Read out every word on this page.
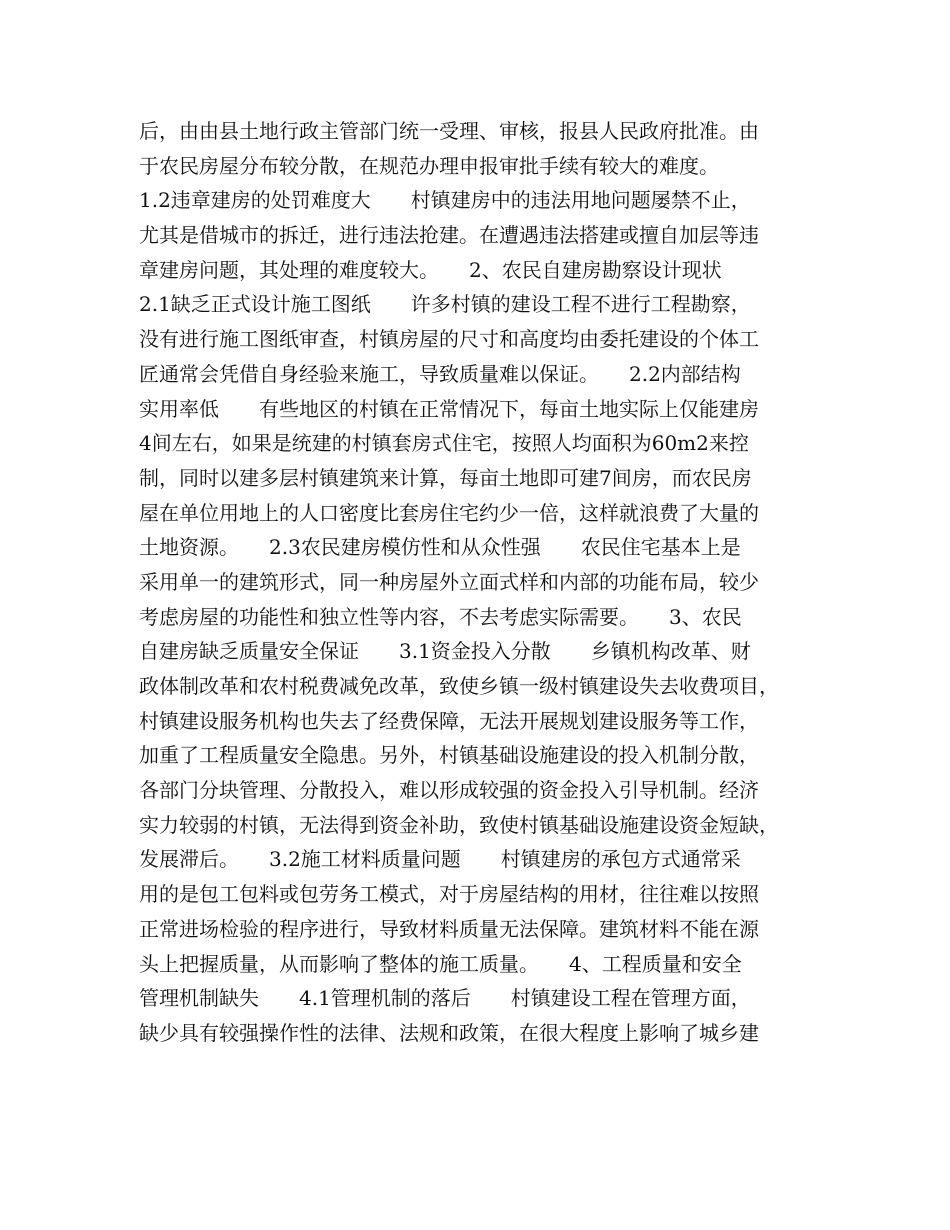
后，由由县土地行政主管部门统一受理、审核，报县人民政府批准。由
于农民房屋分布较分散，在规范办理申报审批手续有较大的难度。
1.2违章建房的处罚难度大　　村镇建房中的违法用地问题屡禁不止，
尤其是借城市的拆迁，进行违法抢建。在遭遇违法搭建或擅自加层等违
章建房问题，其处理的难度较大。　　2、农民自建房勘察设计现状
2.1缺乏正式设计施工图纸　　许多村镇的建设工程不进行工程勘察，
没有进行施工图纸审查，村镇房屋的尺寸和高度均由委托建设的个体工
匠通常会凭借自身经验来施工，导致质量难以保证。　　2.2内部结构
实用率低　　有些地区的村镇在正常情况下，每亩土地实际上仅能建房
4间左右，如果是统建的村镇套房式住宅，按照人均面积为60m2来控
制，同时以建多层村镇建筑来计算，每亩土地即可建7间房，而农民房
屋在单位用地上的人口密度比套房住宅约少一倍，这样就浪费了大量的
土地资源。　　2.3农民建房模仿性和从众性强　　农民住宅基本上是
采用单一的建筑形式，同一种房屋外立面式样和内部的功能布局，较少
考虑房屋的功能性和独立性等内容，不去考虑实际需要。　　3、农民
自建房缺乏质量安全保证　　3.1资金投入分散　　乡镇机构改革、财
政体制改革和农村税费减免改革，致使乡镇一级村镇建设失去收费项目，
村镇建设服务机构也失去了经费保障，无法开展规划建设服务等工作，
加重了工程质量安全隐患。另外，村镇基础设施建设的投入机制分散，
各部门分块管理、分散投入，难以形成较强的资金投入引导机制。经济
实力较弱的村镇，无法得到资金补助，致使村镇基础设施建设资金短缺，
发展滞后。　　3.2施工材料质量问题　　村镇建房的承包方式通常采
用的是包工包料或包劳务工模式，对于房屋结构的用材，往往难以按照
正常进场检验的程序进行，导致材料质量无法保障。建筑材料不能在源
头上把握质量，从而影响了整体的施工质量。　　4、工程质量和安全
管理机制缺失　　4.1管理机制的落后　　村镇建设工程在管理方面，
缺少具有较强操作性的法律、法规和政策，在很大程度上影响了城乡建
